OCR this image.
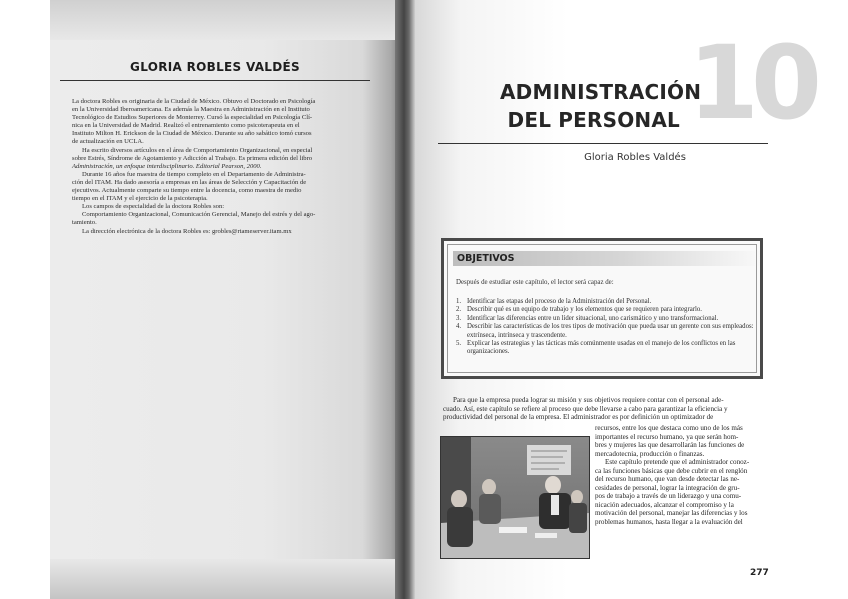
GLORIA ROBLES VALDÉS
La doctora Robles es originaria de la Ciudad de México. Obtuvo el Doctorado en Psicología
en la Universidad Iberoamericana. Es además la Maestra en Administración en el Instituto
Tecnológico de Estudios Superiores de Monterrey. Cursó la especialidad en Psicología Clí-
nica en la Universidad de Madrid. Realizó el entrenamiento como psicoterapeuta en el
Instituto Milton H. Erickson de la Ciudad de México. Durante su año sabático tomó cursos
de actualización en UCLA.
Ha escrito diversos artículos en el área de Comportamiento Organizacional, en especial
sobre Estrés, Síndrome de Agotamiento y Adicción al Trabajo. Es primera edición del libro
Administración, un enfoque interdisciplinario. Editorial Pearson, 2000.
Durante 16 años fue maestra de tiempo completo en el Departamento de Administra-
ción del ITAM. Ha dado asesoría a empresas en las áreas de Selección y Capacitación de
ejecutivos. Actualmente comparte su tiempo entre la docencia, como maestra de medio
tiempo en el ITAM y el ejercicio de la psicoterapia.
Los campos de especialidad de la doctora Robles son:
Comportamiento Organizacional, Comunicación Gerencial, Manejo del estrés y del ago-
tamiento.
La dirección electrónica de la doctora Robles es: grobles@rtameserver.itam.mx
10
ADMINISTRACIÓN
DEL PERSONAL
Gloria Robles Valdés
OBJETIVOS
Después de estudiar este capítulo, el lector será capaz de:
1. Identificar las etapas del proceso de la Administración del Personal.
2. Describir qué es un equipo de trabajo y los elementos que se requieren para integrarlo.
3. Identificar las diferencias entre un líder situacional, uno carismático y uno transformacional.
4. Describir las características de los tres tipos de motivación que pueda usar un gerente con sus empleados: extrínseca, intrínseca y trascendente.
5. Explicar las estrategias y las tácticas más comúnmente usadas en el manejo de los conflictos en las organizaciones.
Para que la empresa pueda lograr su misión y sus objetivos requiere contar con el personal ade-
cuado. Así, este capítulo se refiere al proceso que debe llevarse a cabo para garantizar la eficiencia y
productividad del personal de la empresa. El administrador es por definición un optimizador de
recursos, entre los que destaca como uno de los más
importantes el recurso humano, ya que serán hom-
bres y mujeres las que desarrollarán las funciones de
mercadotecnia, producción o finanzas.
Este capítulo pretende que el administrador conoz-
ca las funciones básicas que debe cubrir en el renglón
del recurso humano, que van desde detectar las ne-
cesidades de personal, lograr la integración de gru-
pos de trabajo a través de un liderazgo y una comu-
nicación adecuados, alcanzar el compromiso y la
motivación del personal, manejar las diferencias y los
problemas humanos, hasta llegar a la evaluación del
277
